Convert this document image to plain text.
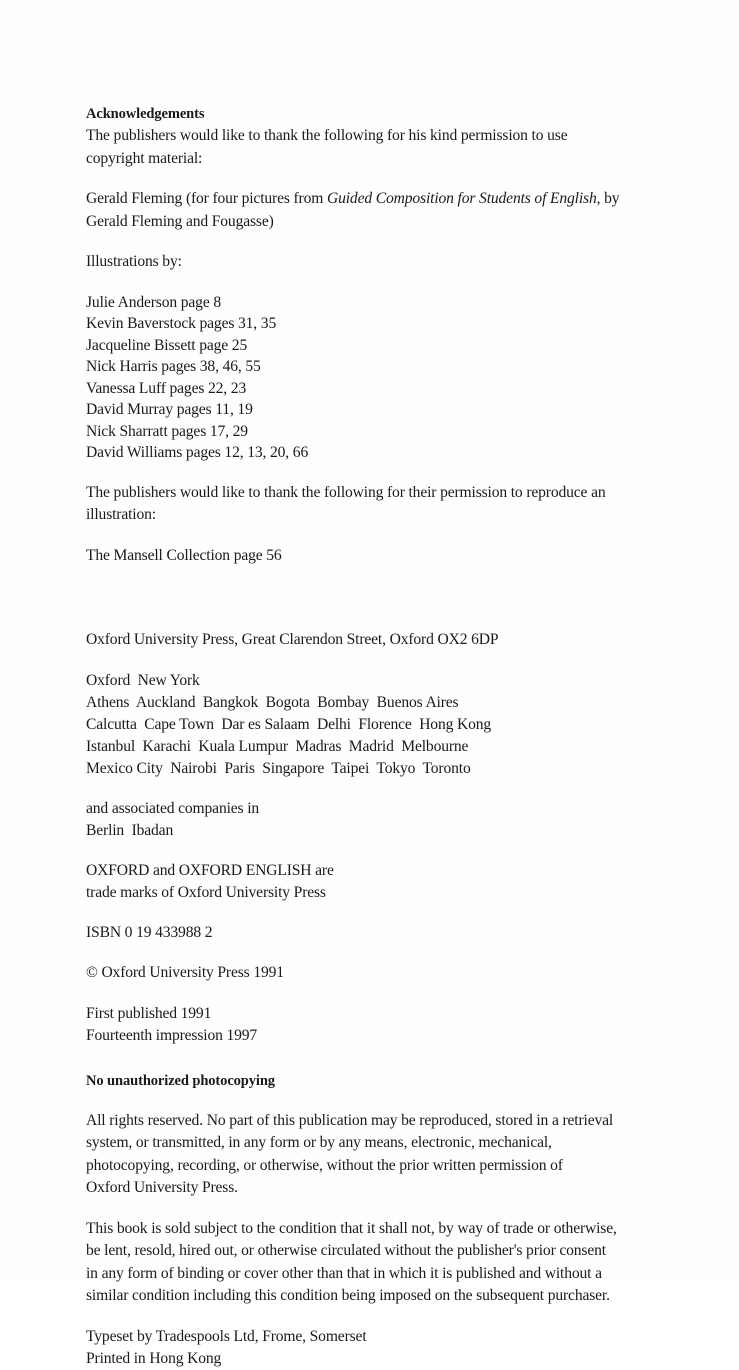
Acknowledgements
The publishers would like to thank the following for his kind permission to use
copyright material:
Gerald Fleming (for four pictures from Guided Composition for Students of English, by
Gerald Fleming and Fougasse)
Illustrations by:
Julie Anderson page 8
Kevin Baverstock pages 31, 35
Jacqueline Bissett page 25
Nick Harris pages 38, 46, 55
Vanessa Luff pages 22, 23
David Murray pages 11, 19
Nick Sharratt pages 17, 29
David Williams pages 12, 13, 20, 66
The publishers would like to thank the following for their permission to reproduce an
illustration:
The Mansell Collection page 56
Oxford University Press, Great Clarendon Street, Oxford OX2 6DP
Oxford  New York
Athens  Auckland  Bangkok  Bogota  Bombay  Buenos Aires
Calcutta  Cape Town  Dar es Salaam  Delhi  Florence  Hong Kong
Istanbul  Karachi  Kuala Lumpur  Madras  Madrid  Melbourne
Mexico City  Nairobi  Paris  Singapore  Taipei  Tokyo  Toronto
and associated companies in
Berlin  Ibadan
OXFORD and OXFORD ENGLISH are
trade marks of Oxford University Press
ISBN 0 19 433988 2
© Oxford University Press 1991
First published 1991
Fourteenth impression 1997
No unauthorized photocopying
All rights reserved. No part of this publication may be reproduced, stored in a retrieval
system, or transmitted, in any form or by any means, electronic, mechanical,
photocopying, recording, or otherwise, without the prior written permission of
Oxford University Press.
This book is sold subject to the condition that it shall not, by way of trade or otherwise,
be lent, resold, hired out, or otherwise circulated without the publisher's prior consent
in any form of binding or cover other than that in which it is published and without a
similar condition including this condition being imposed on the subsequent purchaser.
Typeset by Tradespools Ltd, Frome, Somerset
Printed in Hong Kong
